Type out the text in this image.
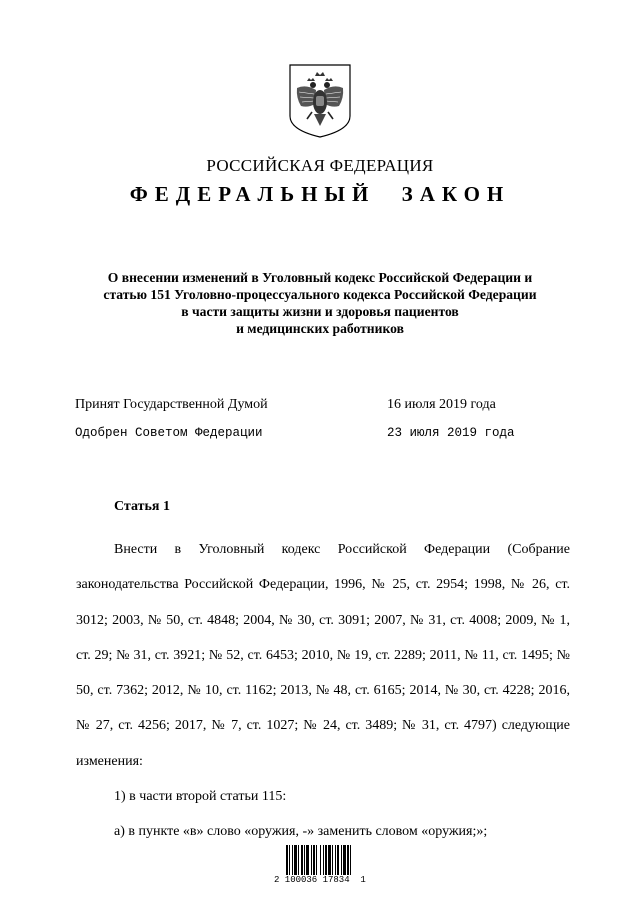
РОССИЙСКАЯ ФЕДЕРАЦИЯ
ФЕДЕРАЛЬНЫЙ ЗАКОН
О внесении изменений в Уголовный кодекс Российской Федерации и
статью 151 Уголовно-процессуального кодекса Российской Федерации
в части защиты жизни и здоровья пациентов
и медицинских работников
Принят Государственной Думой	16 июля 2019 года
Одобрен Советом Федерации	23 июля 2019 года
Статья 1

Внести в Уголовный кодекс Российской Федерации (Собрание законодательства Российской Федерации, 1996, № 25, ст. 2954; 1998, № 26, ст. 3012; 2003, № 50, ст. 4848; 2004, № 30, ст. 3091; 2007, № 31, ст. 4008; 2009, № 1, ст. 29; № 31, ст. 3921; № 52, ст. 6453; 2010, № 19, ст. 2289; 2011, № 11, ст. 1495; № 50, ст. 7362; 2012, № 10, ст. 1162; 2013, № 48, ст. 6165; 2014, № 30, ст. 4228; 2016, № 27, ст. 4256; 2017, № 7, ст. 1027; № 24, ст. 3489; № 31, ст. 4797) следующие изменения:

1) в части второй статьи 115:

а) в пункте «в» слово «оружия, -» заменить словом «оружия;»;

2 100036 17834  1
